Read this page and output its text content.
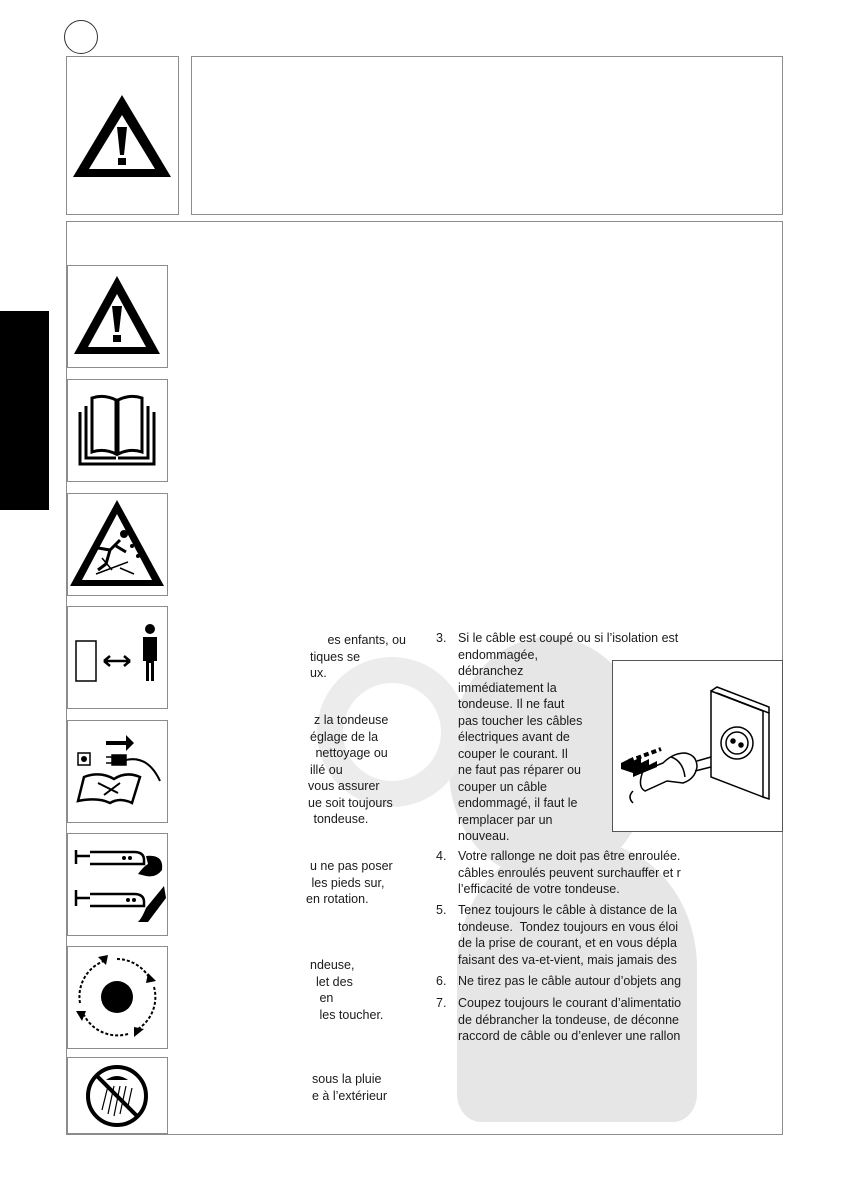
es enfants, ou
tiques se
ux.
z la tondeuse
églage de la
nettoyage ou
illé ou
vous assurer
ue soit toujours
tondeuse.
u ne pas poser
les pieds sur,
en rotation.
ndeuse,
let des
en
les toucher.
sous la pluie
e à l’extérieur
3. Si le câble est coupé ou si l’isolation est
endommagée,
débranchez
immédiatement la
tondeuse. Il ne faut
pas toucher les câbles
électriques avant de
couper le courant. Il
ne faut pas réparer ou
couper un câble
endommagé, il faut le
remplacer par un
nouveau.
4. Votre rallonge ne doit pas être enroulée.
câbles enroulés peuvent surchauffer et r
l’efficacité de votre tondeuse.
5. Tenez toujours le câble à distance de la
tondeuse.  Tondez toujours en vous éloi
de la prise de courant, et en vous dépla
faisant des va-et-vient, mais jamais des
6. Ne tirez pas le câble autour d’objets ang
7. Coupez toujours le courant d’alimentatio
de débrancher la tondeuse, de déconne
raccord de câble ou d’enlever une rallon
